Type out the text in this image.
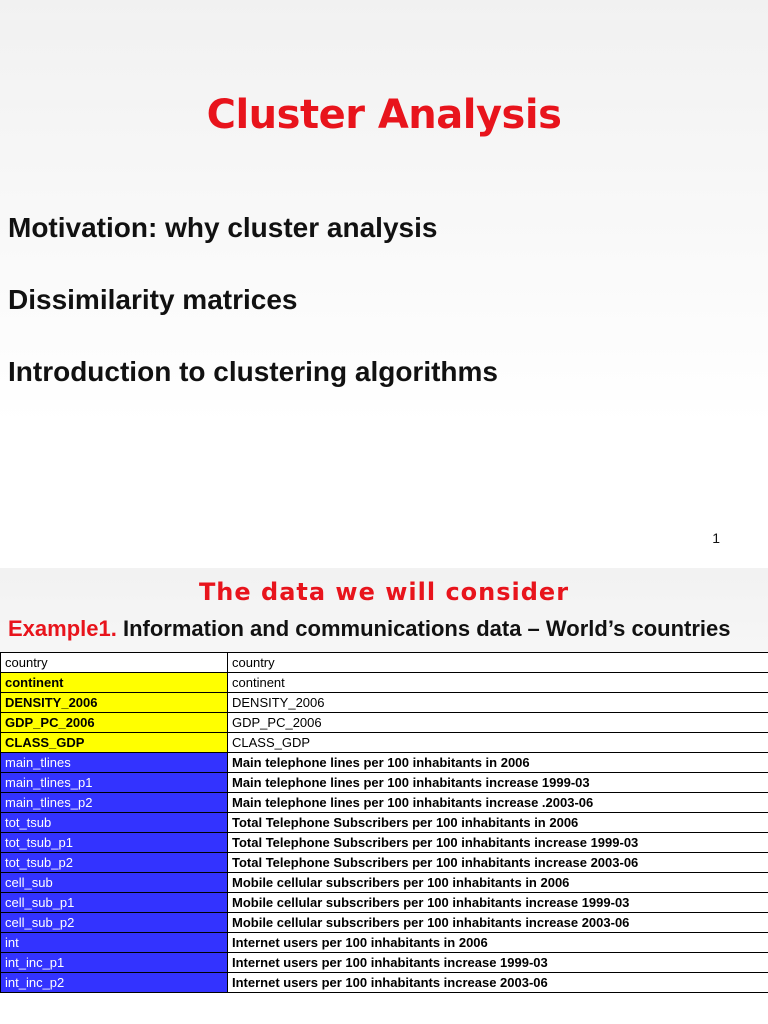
Cluster Analysis
Motivation: why cluster analysis
Dissimilarity matrices
Introduction to clustering algorithms
1
The data we will consider
Example1. Information and communications data – World’s countries
country	country
continent	continent
DENSITY_2006	DENSITY_2006
GDP_PC_2006	GDP_PC_2006
CLASS_GDP	CLASS_GDP
main_tlines	Main telephone lines per 100 inhabitants in 2006
main_tlines_p1	Main telephone lines per 100 inhabitants increase 1999-03
main_tlines_p2	Main telephone lines per 100 inhabitants increase .2003-06
tot_tsub	Total Telephone Subscribers per 100 inhabitants in 2006
tot_tsub_p1	Total Telephone Subscribers per 100 inhabitants increase 1999-03
tot_tsub_p2	Total Telephone Subscribers per 100 inhabitants increase 2003-06
cell_sub	Mobile cellular subscribers per 100 inhabitants in 2006
cell_sub_p1	Mobile cellular subscribers per 100 inhabitants increase 1999-03
cell_sub_p2	Mobile cellular subscribers per 100 inhabitants increase 2003-06
int	Internet users per 100 inhabitants in 2006
int_inc_p1	Internet users per 100 inhabitants increase 1999-03
int_inc_p2	Internet users per 100 inhabitants increase 2003-06
